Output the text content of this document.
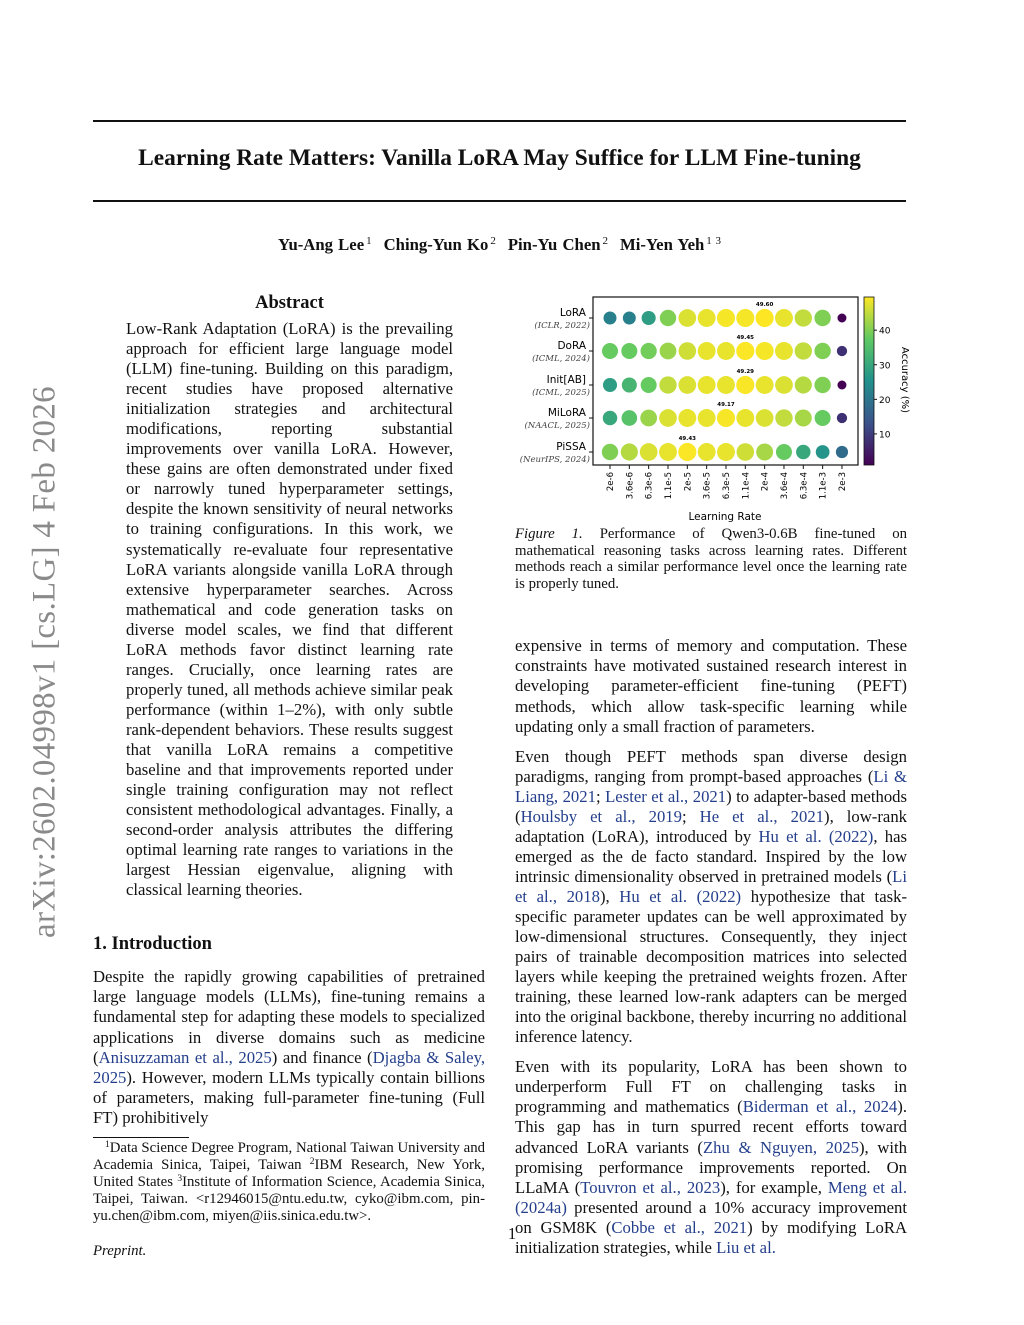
arXiv:2602.04998v1 [cs.LG] 4 Feb 2026
Learning Rate Matters: Vanilla LoRA May Suffice for LLM Fine-tuning
Yu-Ang Lee $^1$ Ching-Yun Ko $^2$ Pin-Yu Chen $^2$ Mi-Yen Yeh $^{1 3}$
Abstract
Low-Rank Adaptation (LoRA) is the prevailing approach for efficient large language model (LLM) fine-tuning. Building on this paradigm, recent studies have proposed alternative initialization strategies and architectural modifications, reporting substantial improvements over vanilla LoRA. However, these gains are often demonstrated under fixed or narrowly tuned hyperparameter settings, despite the known sensitivity of neural networks to training configurations. In this work, we systematically re-evaluate four representative LoRA variants alongside vanilla LoRA through extensive hyperparameter searches. Across mathematical and code generation tasks on diverse model scales, we find that different LoRA methods favor distinct learning rate ranges. Crucially, once learning rates are properly tuned, all methods achieve similar peak performance (within 1–2%), with only subtle rank-dependent behaviors. These results suggest that vanilla LoRA remains a competitive baseline and that improvements reported under single training configuration may not reflect consistent methodological advantages. Finally, a second-order analysis attributes the differing optimal learning rate ranges to variations in the largest Hessian eigenvalue, aligning with classical learning theories.
1. Introduction
Despite the rapidly growing capabilities of pretrained large language models (LLMs), fine-tuning remains a fundamental step for adapting these models to specialized applications in diverse domains such as medicine (Anisuzzaman et al., 2025) and finance (Djagba & Saley, 2025). However, modern LLMs typically contain billions of parameters, making full-parameter fine-tuning (Full FT) prohibitively
$^1$Data Science Degree Program, National Taiwan University and Academia Sinica, Taipei, Taiwan $^2$IBM Research, New York, United States $^3$Institute of Information Science, Academia Sinica, Taipei, Taiwan. <r12946015@ntu.edu.tw, cyko@ibm.com, pin-yu.chen@ibm.com, miyen@iis.sinica.edu.tw>.
Preprint.
LoRA
(ICLR, 2022)
49.60
DoRA
(ICML, 2024)
49.45
Init[AB]
(ICML, 2025)
49.29
MiLoRA
(NAACL, 2025)
49.17
PiSSA
(NeurIPS, 2024)
49.43
2e-6 3.6e-6 6.3e-6 1.1e-5 2e-5 3.6e-5 6.3e-5 1.1e-4 2e-4 3.6e-4 6.3e-4 1.1e-3 2e-3
Learning Rate
10
20
30
40
Accuracy (%)
Figure 1. Performance of Qwen3-0.6B fine-tuned on mathematical reasoning tasks across learning rates. Different methods reach a similar performance level once the learning rate is properly tuned.
expensive in terms of memory and computation. These constraints have motivated sustained research interest in developing parameter-efficient fine-tuning (PEFT) methods, which allow task-specific learning while updating only a small fraction of parameters.
Even though PEFT methods span diverse design paradigms, ranging from prompt-based approaches (Li & Liang, 2021; Lester et al., 2021) to adapter-based methods (Houlsby et al., 2019; He et al., 2021), low-rank adaptation (LoRA), introduced by Hu et al. (2022), has emerged as the de facto standard. Inspired by the low intrinsic dimensionality observed in pretrained models (Li et al., 2018), Hu et al. (2022) hypothesize that task-specific parameter updates can be well approximated by low-dimensional structures. Consequently, they inject pairs of trainable decomposition matrices into selected layers while keeping the pretrained weights frozen. After training, these learned low-rank adapters can be merged into the original backbone, thereby incurring no additional inference latency.
Even with its popularity, LoRA has been shown to underperform Full FT on challenging tasks in programming and mathematics (Biderman et al., 2024). This gap has in turn spurred recent efforts toward advanced LoRA variants (Zhu & Nguyen, 2025), with promising performance improvements reported. On LLaMA (Touvron et al., 2023), for example, Meng et al. (2024a) presented around a 10% accuracy improvement on GSM8K (Cobbe et al., 2021) by modifying LoRA initialization strategies, while Liu et al.
1
